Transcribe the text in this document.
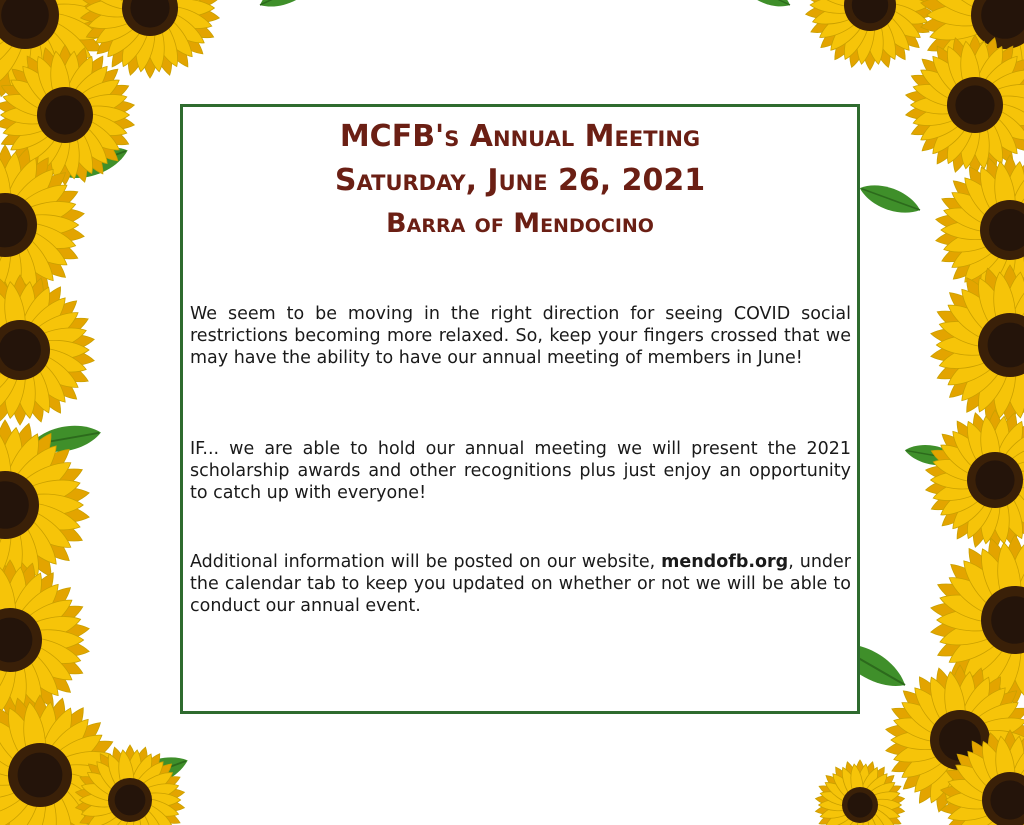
MCFB's Annual Meeting
Saturday, June 26, 2021
Barra of Mendocino

We seem to be moving in the right direction for seeing COVID social restrictions becoming more relaxed. So, keep your fingers crossed that we may have the ability to have our annual meeting of members in June!

IF... we are able to hold our annual meeting we will present the 2021 scholarship awards and other recognitions plus just enjoy an opportunity to catch up with everyone!

Additional information will be posted on our website, mendofb.org, under the calendar tab to keep you updated on whether or not we will be able to conduct our annual event.
